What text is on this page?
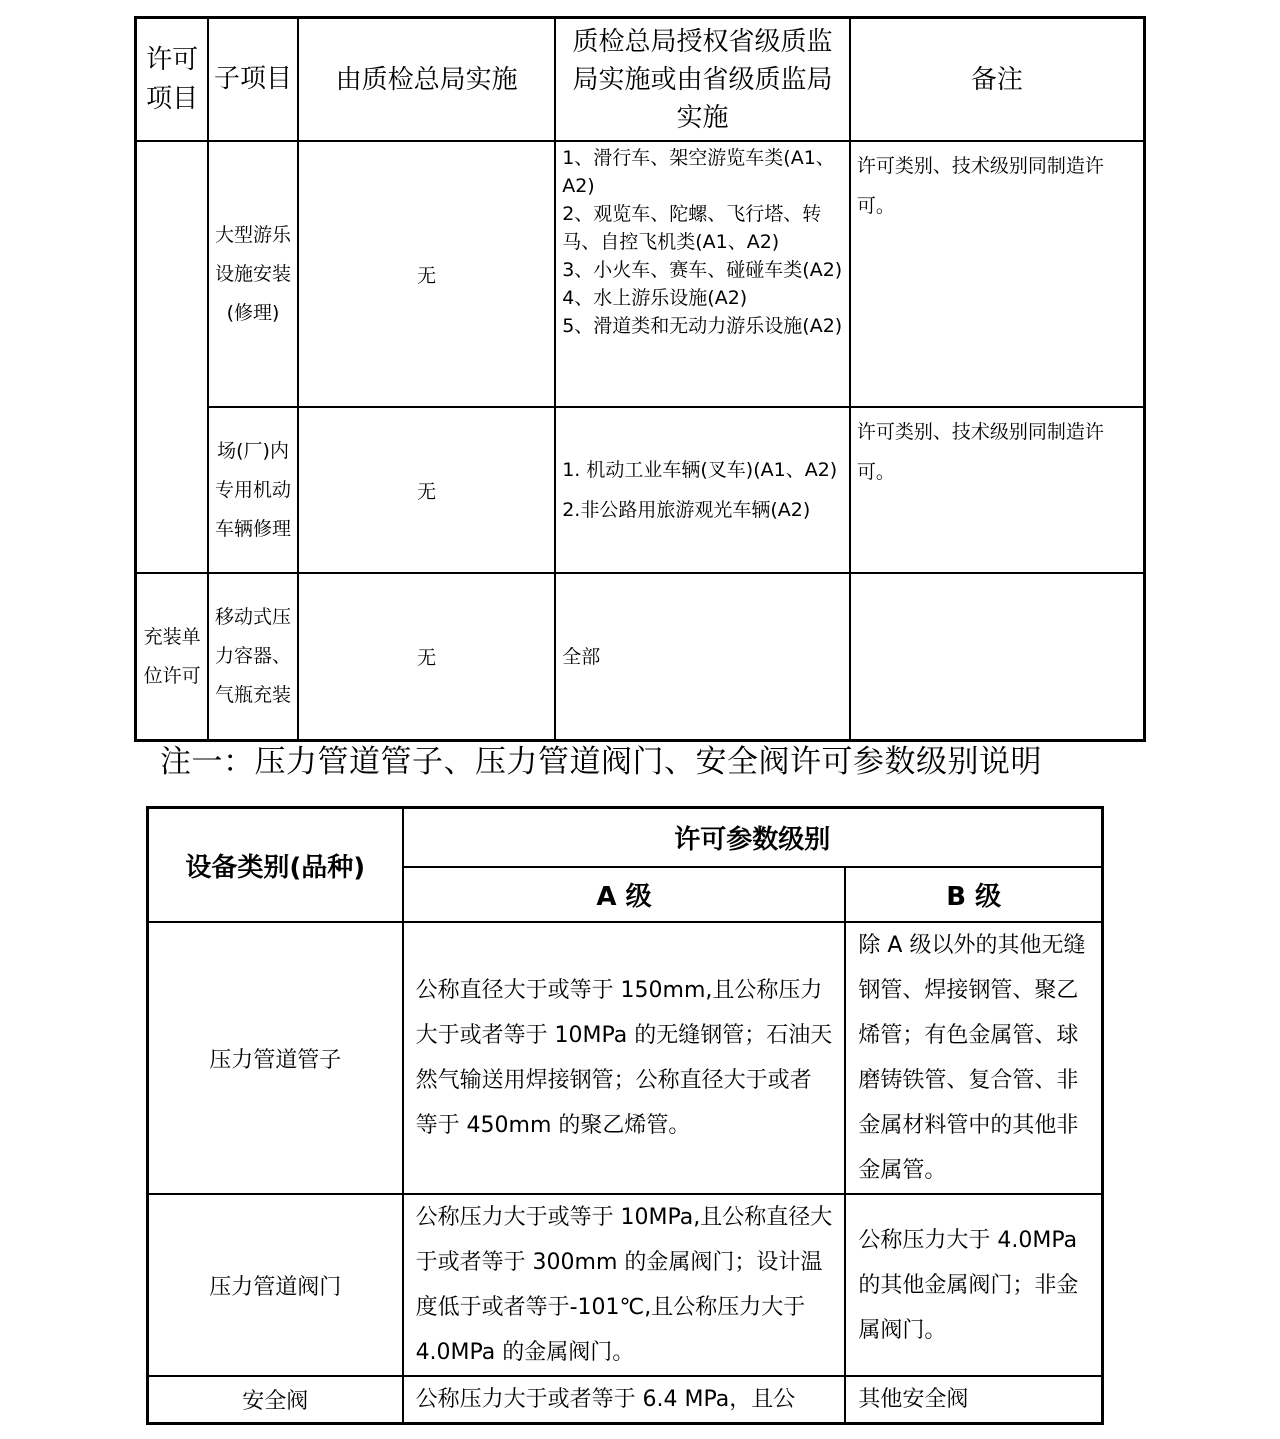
许可项目	子项目	由质检总局实施	质检总局授权省级质监局实施或由省级质监局实施	备注
	大型游乐设施安装(修理)	无	1、滑行车、架空游览车类(A1、A2)
2、观览车、陀螺、飞行塔、转马、自控飞机类(A1、A2)
3、小火车、赛车、碰碰车类(A2)
4、水上游乐设施(A2)
5、滑道类和无动力游乐设施(A2)	许可类别、技术级别同制造许可。
	场(厂)内专用机动车辆修理	无	1. 机动工业车辆(叉车)(A1、A2)
2.非公路用旅游观光车辆(A2)	许可类别、技术级别同制造许可。
充装单位许可	移动式压力容器、气瓶充装	无	全部	

注一：压力管道管子、压力管道阀门、安全阀许可参数级别说明
设备类别(品种)	许可参数级别	
	A 级	B 级
压力管道管子	公称直径大于或等于 150mm,且公称压力大于或者等于 10MPa 的无缝钢管；石油天然气输送用焊接钢管；公称直径大于或者等于 450mm 的聚乙烯管。	除 A 级以外的其他无缝钢管、焊接钢管、聚乙烯管；有色金属管、球磨铸铁管、复合管、非金属材料管中的其他非金属管。
压力管道阀门	公称压力大于或等于 10MPa,且公称直径大于或者等于 300mm 的金属阀门；设计温度低于或者等于-101℃,且公称压力大于 4.0MPa 的金属阀门。	公称压力大于 4.0MPa 的其他金属阀门；非金属阀门。
安全阀	公称压力大于或者等于 6.4 MPa，且公	其他安全阀
